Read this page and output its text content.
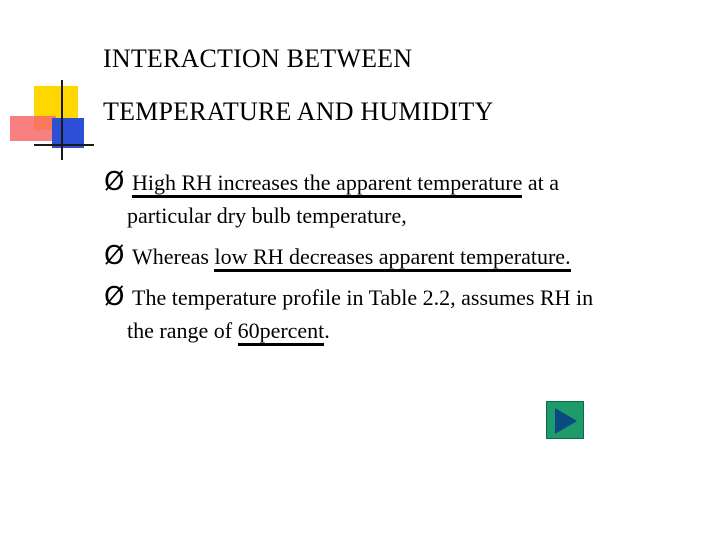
INTERACTION BETWEEN
TEMPERATURE AND HUMIDITY
Ø High RH increases the apparent temperature at a
particular dry bulb temperature,
Ø Whereas low RH decreases apparent temperature.
Ø The temperature profile in Table 2.2, assumes RH in
the range of 60percent.
